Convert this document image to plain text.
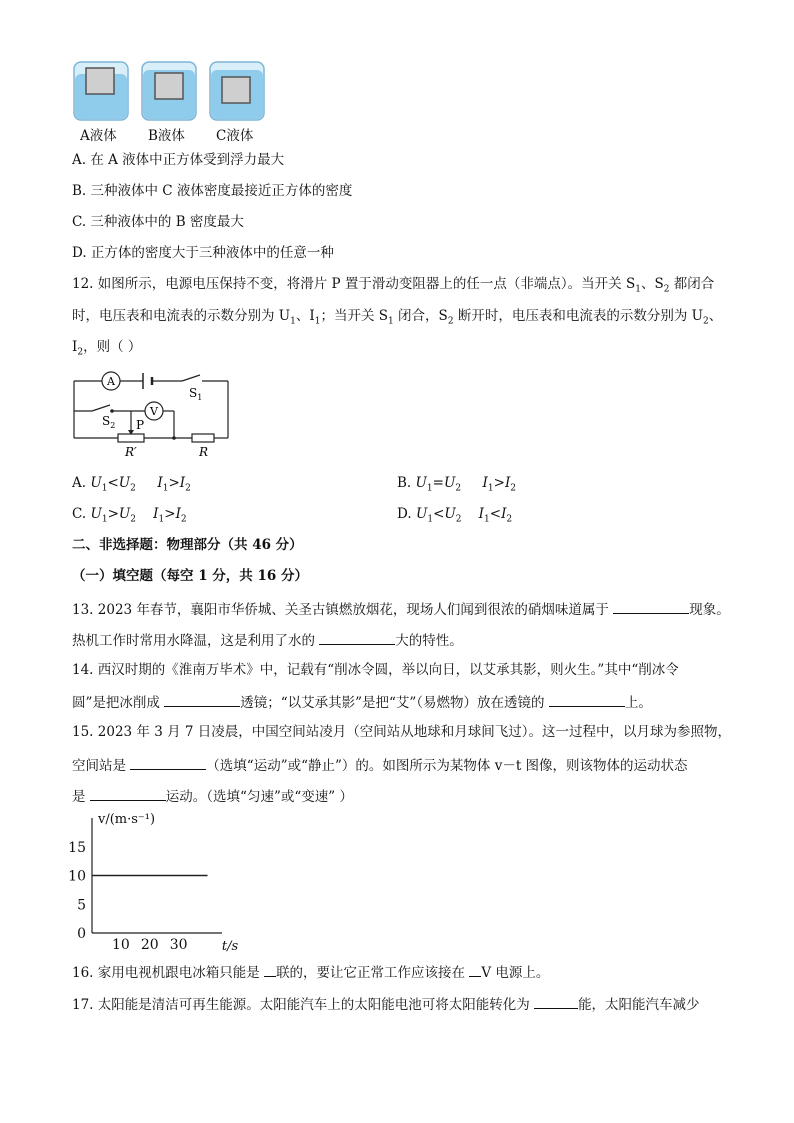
A液体 B液体 C液体
A. 在 A 液体中正方体受到浮力最大
B. 三种液体中 C 液体密度最接近正方体的密度
C. 三种液体中的 B 密度最大
D. 正方体的密度大于三种液体中的任意一种
12. 如图所示，电源电压保持不变，将滑片 P 置于滑动变阻器上的任一点（非端点）。当开关 $S_1$、$S_2$ 都闭合
时，电压表和电流表的示数分别为 $U_1$、$I_1$；当开关 $S_1$ 闭合，$S_2$ 断开时，电压表和电流表的示数分别为 $U_2$、
$I_2$，则（ ）
A
V
$S_1$
$S_2$ P
R′	R
A. $U_1<U_2$ $I_1>I_2$	B. $U_1=U_2$ $I_1>I_2$
C. $U_1>U_2$ $I_1>I_2$	D. $U_1<U_2$ $I_1<I_2$
二、非选择题：物理部分（共 46 分）
（一）填空题（每空 1 分，共 16 分）
13. 2023 年春节，襄阳市华侨城、关圣古镇燃放烟花，现场人们闻到很浓的硝烟味道属于	现象。
热机工作时常用水降温，这是利用了水的	大的特性。
14. 西汉时期的《淮南万毕术》中，记载有“削冰令圆，举以向日，以艾承其影，则火生。”其中“削冰令
圆”是把冰削成	透镜；“以艾承其影”是把“艾”（易燃物）放在透镜的	上。
15. 2023 年 3 月 7 日凌晨，中国空间站凌月（空间站从地球和月球间飞过）。这一过程中，以月球为参照物，
空间站是	（选填“运动”或“静止”）的。如图所示为某物体 v－t 图像，则该物体的运动状态
是	运动。（选填“匀速”或“变速” ）
5
10
15
0
10 20 30	t/s
v/(m·s⁻¹)
16. 家用电视机跟电冰箱只能是 联的，要让它正常工作应该接在 V 电源上。
17. 太阳能是清洁可再生能源。太阳能汽车上的太阳能电池可将太阳能转化为	能，太阳能汽车减少
